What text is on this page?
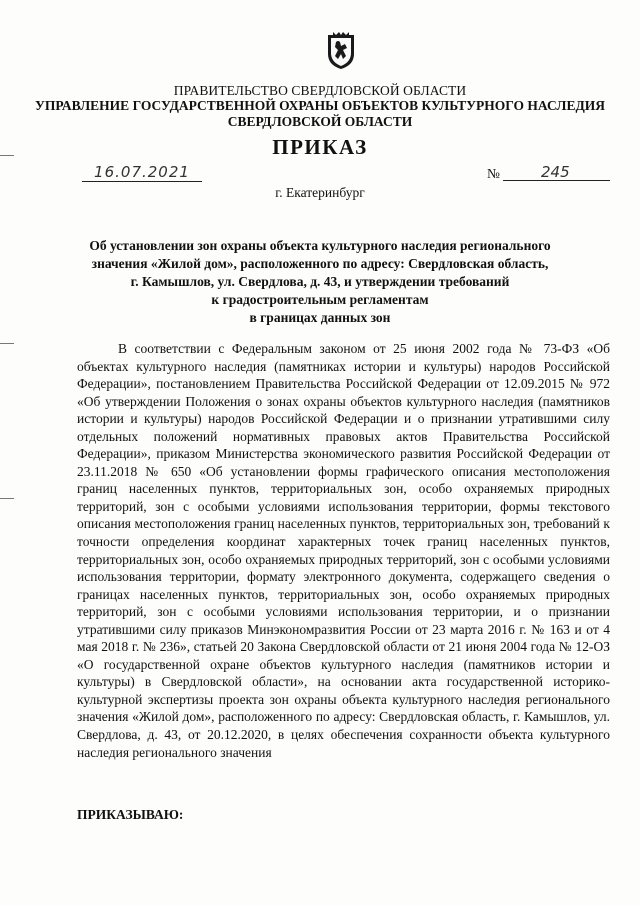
ПРАВИТЕЛЬСТВО СВЕРДЛОВСКОЙ ОБЛАСТИ
УПРАВЛЕНИЕ ГОСУДАРСТВЕННОЙ ОХРАНЫ ОБЪЕКТОВ КУЛЬТУРНОГО НАСЛЕДИЯ
СВЕРДЛОВСКОЙ ОБЛАСТИ
ПРИКАЗ
16.07.2021	№	245
г. Екатеринбург
Об установлении зон охраны объекта культурного наследия регионального
значения «Жилой дом», расположенного по адресу: Свердловская область,
г. Камышлов, ул. Свердлова, д. 43, и утверждении требований
к градостроительным регламентам
в границах данных зон
В соответствии с Федеральным законом от 25 июня 2002 года № 73-ФЗ «Об объектах культурного наследия (памятниках истории и культуры) народов Российской Федерации», постановлением Правительства Российской Федерации от 12.09.2015 № 972 «Об утверждении Положения о зонах охраны объектов культурного наследия (памятников истории и культуры) народов Российской Федерации и о признании утратившими силу отдельных положений нормативных правовых актов Правительства Российской Федерации», приказом Министерства экономического развития Российской Федерации от 23.11.2018 № 650 «Об установлении формы графического описания местоположения границ населенных пунктов, территориальных зон, особо охраняемых природных территорий, зон с особыми условиями использования территории, формы текстового описания местоположения границ населенных пунктов, территориальных зон, требований к точности определения координат характерных точек границ населенных пунктов, территориальных зон, особо охраняемых природных территорий, зон с особыми условиями использования территории, формату электронного документа, содержащего сведения о границах населенных пунктов, территориальных зон, особо охраняемых природных территорий, зон с особыми условиями использования территории, и о признании утратившими силу приказов Минэкономразвития России от 23 марта 2016 г. № 163 и от 4 мая 2018 г. № 236», статьей 20 Закона Свердловской области от 21 июня 2004 года № 12-ОЗ «О государственной охране объектов культурного наследия (памятников истории и культуры) в Свердловской области», на основании акта государственной историко-культурной экспертизы проекта зон охраны объекта культурного наследия регионального значения «Жилой дом», расположенного по адресу: Свердловская область, г. Камышлов, ул. Свердлова, д. 43, от 20.12.2020, в целях обеспечения сохранности объекта культурного наследия регионального значения
ПРИКАЗЫВАЮ:
